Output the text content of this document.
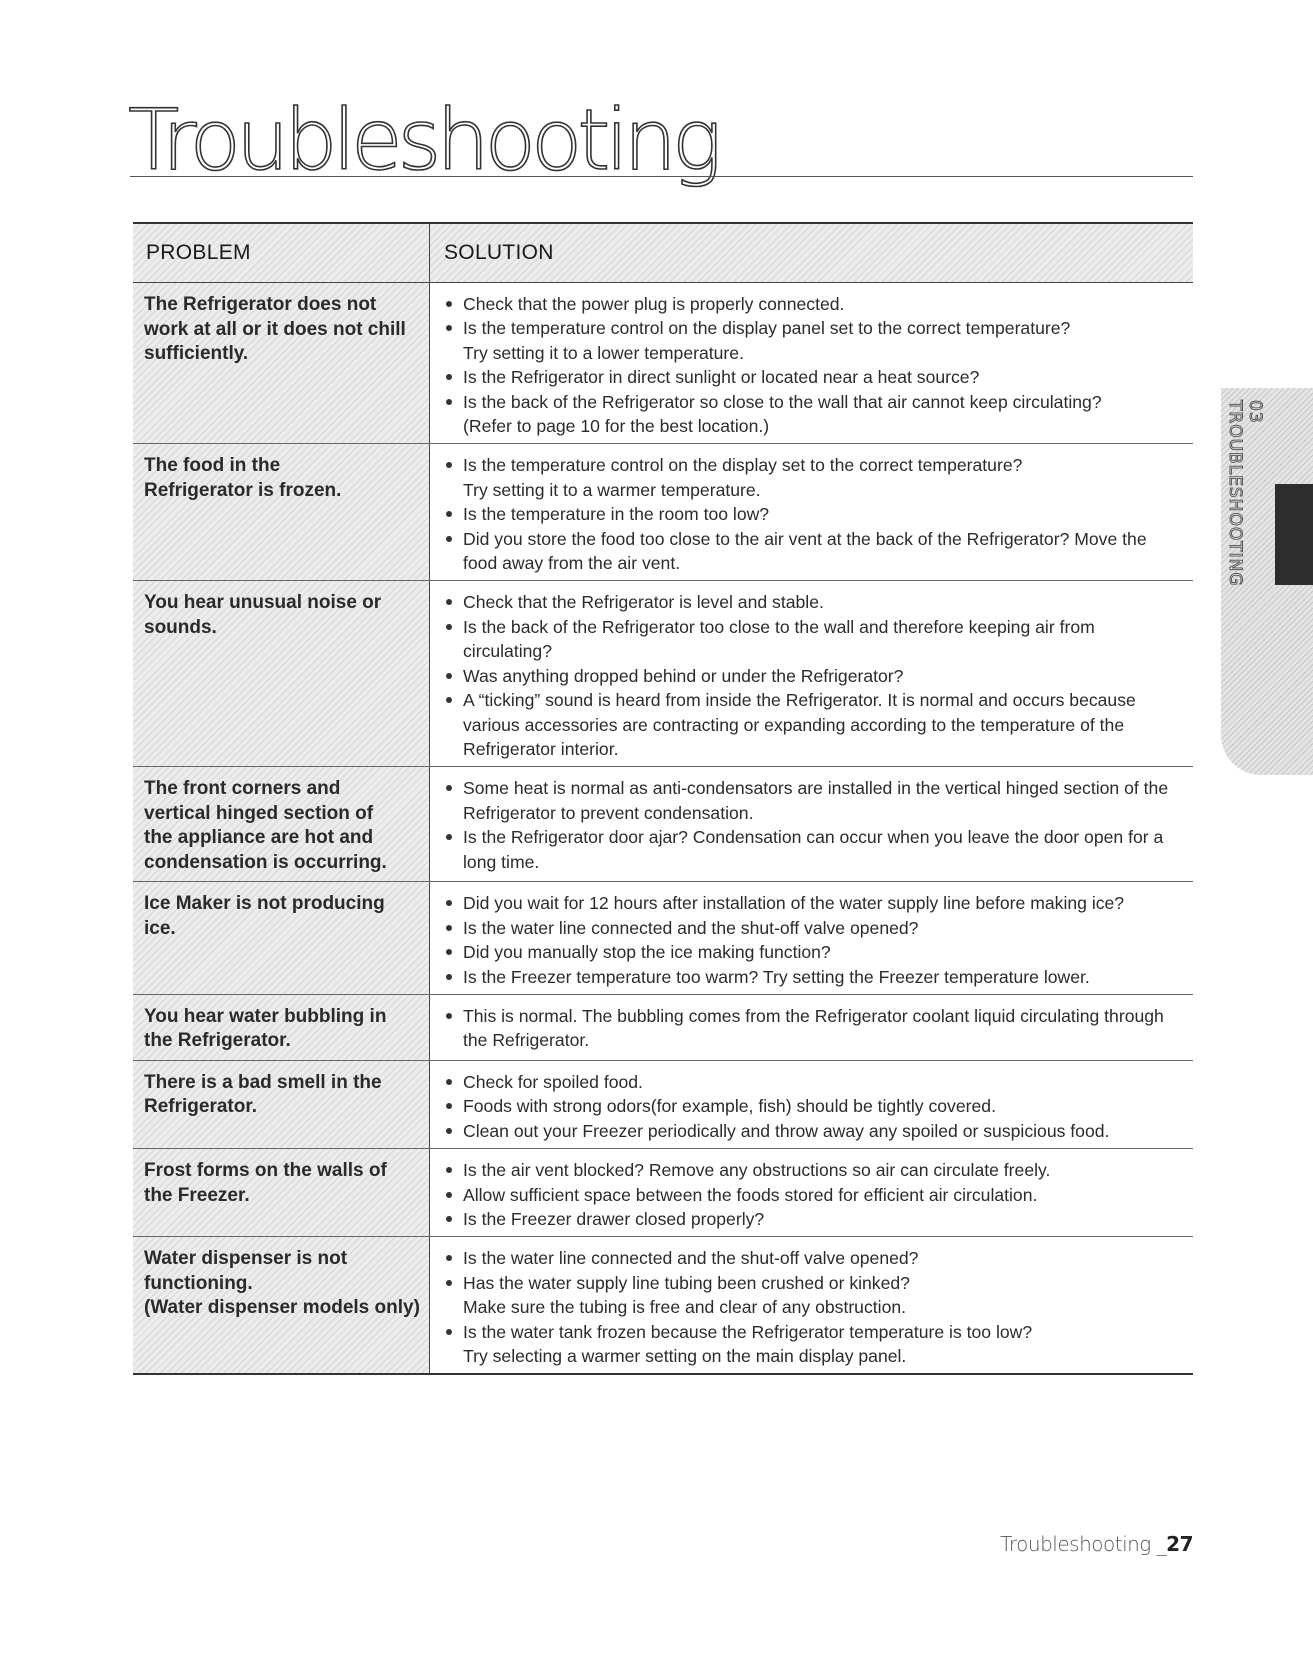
Troubleshooting
PROBLEM	SOLUTION
The Refrigerator does not
work at all or it does not chill
sufficiently.
Check that the power plug is properly connected.
Is the temperature control on the display panel set to the correct temperature?
Try setting it to a lower temperature.
Is the Refrigerator in direct sunlight or located near a heat source?
Is the back of the Refrigerator so close to the wall that air cannot keep circulating?
(Refer to page 10 for the best location.)
The food in the
Refrigerator is frozen.
Is the temperature control on the display set to the correct temperature?
Try setting it to a warmer temperature.
Is the temperature in the room too low?
Did you store the food too close to the air vent at the back of the Refrigerator? Move the food away from the air vent.
You hear unusual noise or
sounds.
Check that the Refrigerator is level and stable.
Is the back of the Refrigerator too close to the wall and therefore keeping air from circulating?
Was anything dropped behind or under the Refrigerator?
A “ticking” sound is heard from inside the Refrigerator. It is normal and occurs because various accessories are contracting or expanding according to the temperature of the Refrigerator interior.
The front corners and
vertical hinged section of
the appliance are hot and
condensation is occurring.
Some heat is normal as anti-condensators are installed in the vertical hinged section of the Refrigerator to prevent condensation.
Is the Refrigerator door ajar? Condensation can occur when you leave the door open for a long time.
Ice Maker is not producing
ice.
Did you wait for 12 hours after installation of the water supply line before making ice?
Is the water line connected and the shut-off valve opened?
Did you manually stop the ice making function?
Is the Freezer temperature too warm? Try setting the Freezer temperature lower.
You hear water bubbling in
the Refrigerator.
This is normal. The bubbling comes from the Refrigerator coolant liquid circulating through the Refrigerator.
There is a bad smell in the
Refrigerator.
Check for spoiled food.
Foods with strong odors(for example, fish) should be tightly covered.
Clean out your Freezer periodically and throw away any spoiled or suspicious food.
Frost forms on the walls of
the Freezer.
Is the air vent blocked? Remove any obstructions so air can circulate freely.
Allow sufficient space between the foods stored for efficient air circulation.
Is the Freezer drawer closed properly?
Water dispenser is not
functioning.
(Water dispenser models only)
Is the water line connected and the shut-off valve opened?
Has the water supply line tubing been crushed or kinked?
Make sure the tubing is free and clear of any obstruction.
Is the water tank frozen because the Refrigerator temperature is too low?
Try selecting a warmer setting on the main display panel.
03 TROUBLESHOOTING
Troubleshooting _27
